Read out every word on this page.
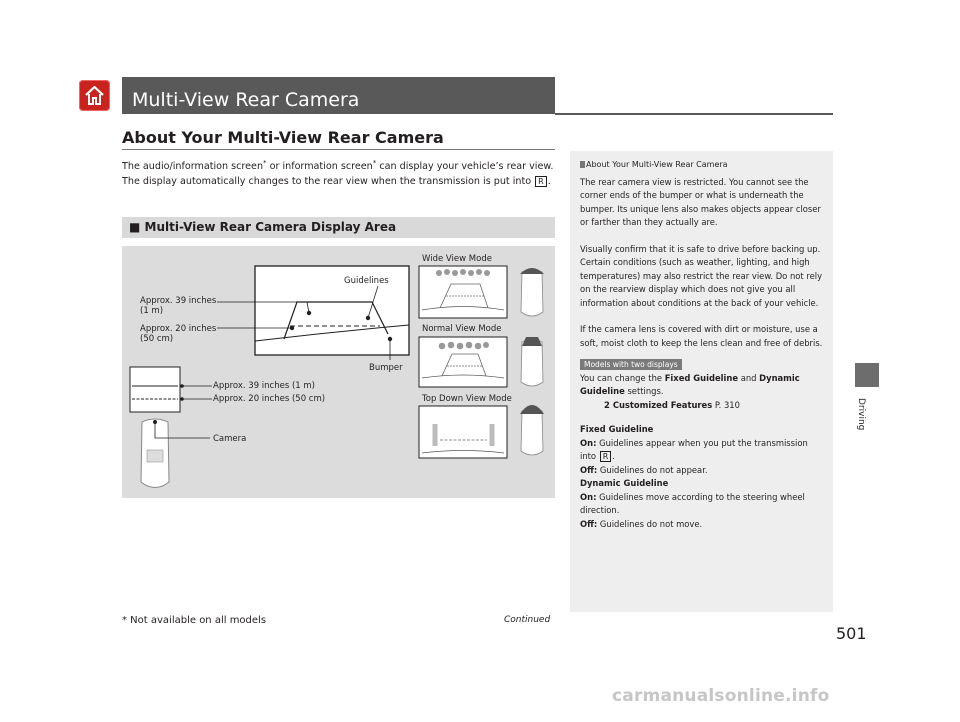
Multi-View Rear Camera
About Your Multi-View Rear Camera
The audio/information screen* or information screen* can display your vehicle’s rear view. The display automatically changes to the rear view when the transmission is put into R .
■ Multi-View Rear Camera Display Area
Guidelines
Approx. 39 inches
(1 m)
Approx. 20 inches
(50 cm)
Bumper
Approx. 39 inches (1 m)
Approx. 20 inches (50 cm)
Camera
Wide View Mode
Normal View Mode
Top Down View Mode
About Your Multi-View Rear Camera
The rear camera view is restricted. You cannot see the corner ends of the bumper or what is underneath the bumper. Its unique lens also makes objects appear closer or farther than they actually are.
Visually confirm that it is safe to drive before backing up. Certain conditions (such as weather, lighting, and high temperatures) may also restrict the rear view. Do not rely on the rearview display which does not give you all information about conditions at the back of your vehicle.
If the camera lens is covered with dirt or moisture, use a soft, moist cloth to keep the lens clean and free of debris.
Models with two displays
You can change the Fixed Guideline and Dynamic Guideline settings.
2 Customized Features P. 310
Fixed Guideline
On: Guidelines appear when you put the transmission into R .
Off: Guidelines do not appear.
Dynamic Guideline
On: Guidelines move according to the steering wheel direction.
Off: Guidelines do not move.
Driving
* Not available on all models	Continued
501
carmanualsonline.info
